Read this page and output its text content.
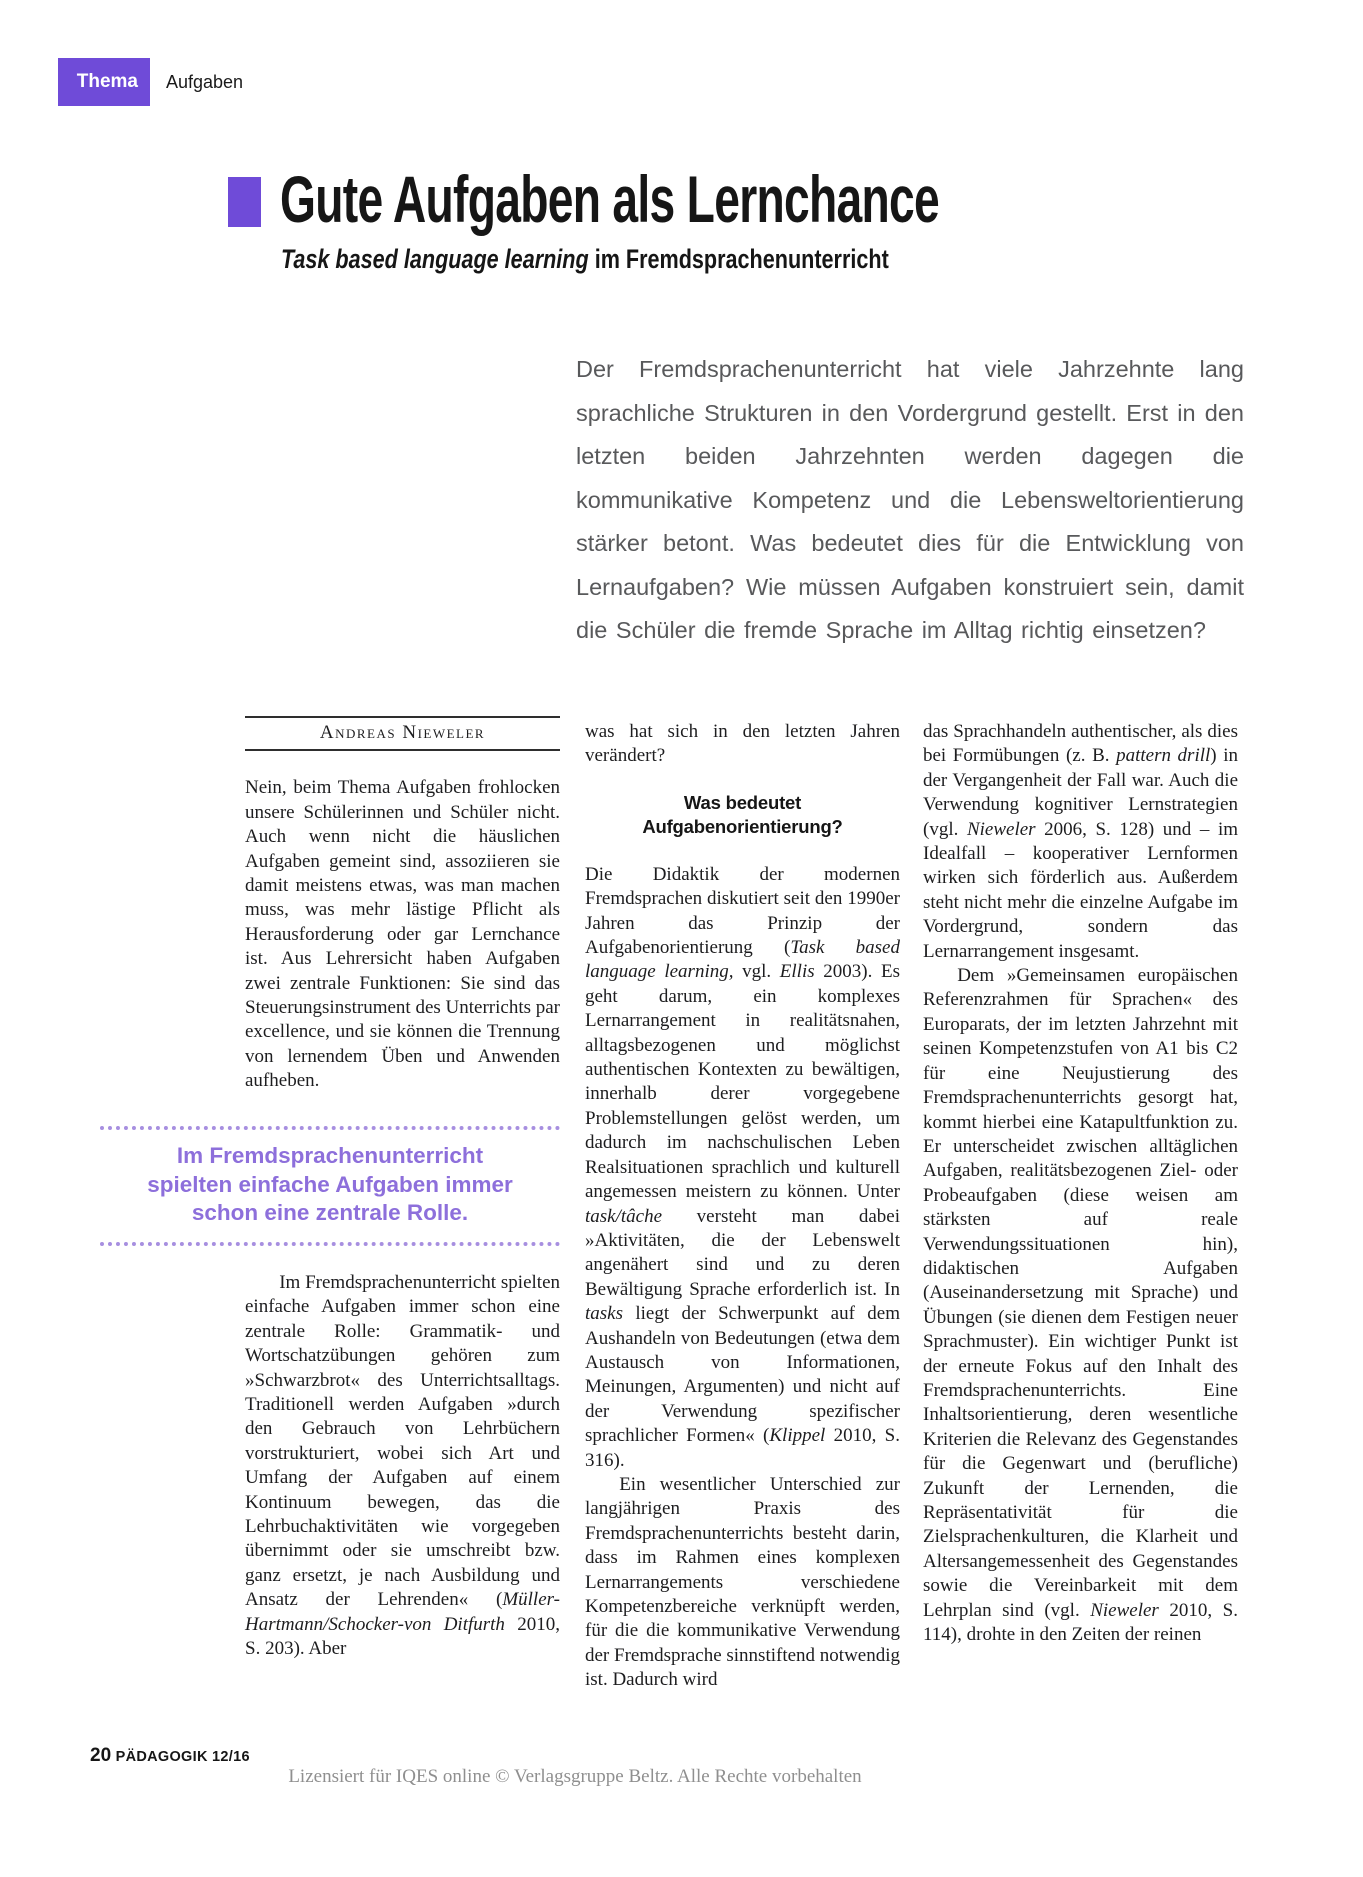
Thema	Aufgaben
Gute Aufgaben als Lernchance
Task based language learning im Fremdsprachenunterricht
Der Fremdsprachenunterricht hat viele Jahrzehnte lang sprachliche Strukturen in den Vordergrund gestellt. Erst in den letzten beiden Jahrzehnten werden dagegen die kommunikative Kompetenz und die Lebensweltorientierung stärker betont. Was bedeutet dies für die Entwicklung von Lernaufgaben? Wie müssen Aufgaben konstruiert sein, damit die Schüler die fremde Sprache im Alltag richtig einsetzen?
Andreas Nieweler

Nein, beim Thema Aufgaben frohlocken unsere Schülerinnen und Schüler nicht. Auch wenn nicht die häuslichen Aufgaben gemeint sind, assoziieren sie damit meistens etwas, was man machen muss, was mehr lästige Pflicht als Herausforderung oder gar Lernchance ist. Aus Lehrersicht haben Aufgaben zwei zentrale Funktionen: Sie sind das Steuerungsinstrument des Unterrichts par excellence, und sie können die Trennung von lernendem Üben und Anwenden aufheben.

Im Fremdsprachenunterricht
spielten einfache Aufgaben immer
schon eine zentrale Rolle.

Im Fremdsprachenunterricht spielten einfache Aufgaben immer schon eine zentrale Rolle: Grammatik- und Wortschatzübungen gehören zum »Schwarzbrot« des Unterrichtsalltags. Traditionell werden Aufgaben »durch den Gebrauch von Lehrbüchern vorstrukturiert, wobei sich Art und Umfang der Aufgaben auf einem Kontinuum bewegen, das die Lehrbuchaktivitäten wie vorgegeben übernimmt oder sie umschreibt bzw. ganz ersetzt, je nach Ausbildung und Ansatz der Lehrenden« (Müller-Hartmann/Schocker-von Ditfurth 2010, S. 203). Aber

was hat sich in den letzten Jahren verändert?

Was bedeutet Aufgabenorientierung?

Die Didaktik der modernen Fremdsprachen diskutiert seit den 1990er Jahren das Prinzip der Aufgabenorientierung (Task based language learning, vgl. Ellis 2003). Es geht darum, ein komplexes Lernarrangement in realitätsnahen, alltagsbezogenen und möglichst authentischen Kontexten zu bewältigen, innerhalb derer vorgegebene Problemstellungen gelöst werden, um dadurch im nachschulischen Leben Realsituationen sprachlich und kulturell angemessen meistern zu können. Unter task/tâche versteht man dabei »Aktivitäten, die der Lebenswelt angenähert sind und zu deren Bewältigung Sprache erforderlich ist. In tasks liegt der Schwerpunkt auf dem Aushandeln von Bedeutungen (etwa dem Austausch von Informationen, Meinungen, Argumenten) und nicht auf der Verwendung spezifischer sprachlicher Formen« (Klippel 2010, S. 316).

Ein wesentlicher Unterschied zur langjährigen Praxis des Fremdsprachenunterrichts besteht darin, dass im Rahmen eines komplexen Lernarrangements verschiedene Kompetenzbereiche verknüpft werden, für die die kommunikative Verwendung der Fremdsprache sinnstiftend notwendig ist. Dadurch wird

das Sprachhandeln authentischer, als dies bei Formübungen (z. B. pattern drill) in der Vergangenheit der Fall war. Auch die Verwendung kognitiver Lernstrategien (vgl. Nieweler 2006, S. 128) und – im Idealfall – kooperativer Lernformen wirken sich förderlich aus. Außerdem steht nicht mehr die einzelne Aufgabe im Vordergrund, sondern das Lernarrangement insgesamt.

Dem »Gemeinsamen europäischen Referenzrahmen für Sprachen« des Europarats, der im letzten Jahrzehnt mit seinen Kompetenzstufen von A1 bis C2 für eine Neujustierung des Fremdsprachenunterrichts gesorgt hat, kommt hierbei eine Katapultfunktion zu. Er unterscheidet zwischen alltäglichen Aufgaben, realitätsbezogenen Ziel- oder Probeaufgaben (diese weisen am stärksten auf reale Verwendungssituationen hin), didaktischen Aufgaben (Auseinandersetzung mit Sprache) und Übungen (sie dienen dem Festigen neuer Sprachmuster). Ein wichtiger Punkt ist der erneute Fokus auf den Inhalt des Fremdsprachenunterrichts. Eine Inhaltsorientierung, deren wesentliche Kriterien die Relevanz des Gegenstandes für die Gegenwart und (berufliche) Zukunft der Lernenden, die Repräsentativität für die Zielsprachenkulturen, die Klarheit und Altersangemessenheit des Gegenstandes sowie die Vereinbarkeit mit dem Lehrplan sind (vgl. Nieweler 2010, S. 114), drohte in den Zeiten der reinen

20 PÄDAGOGIK 12/16
Lizensiert für IQES online © Verlagsgruppe Beltz. Alle Rechte vorbehalten
